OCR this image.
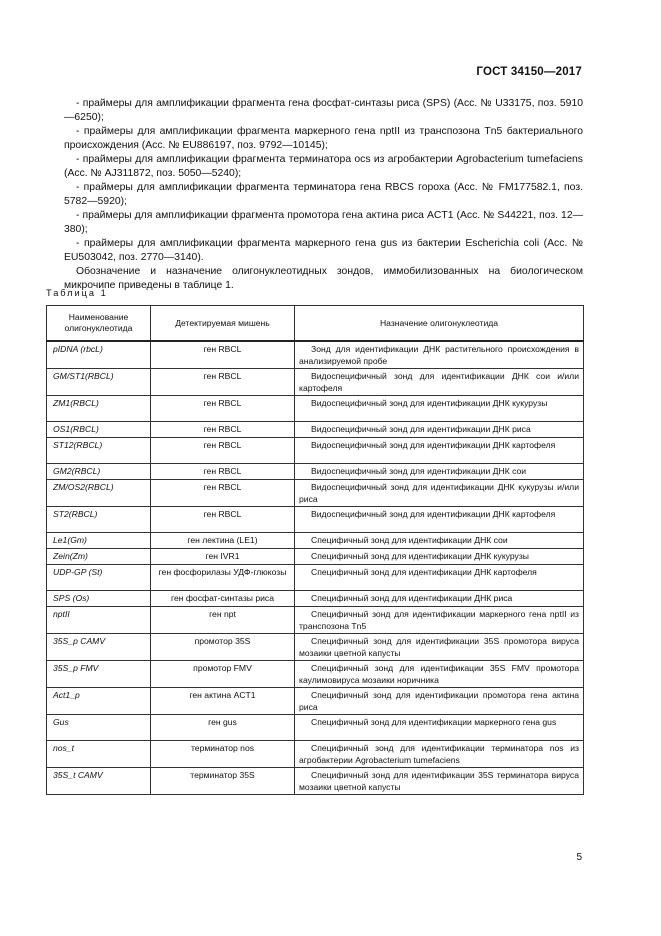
ГОСТ 34150—2017

- праймеры для амплификации фрагмента гена фосфат-синтазы риса (SPS) (Асс. № U33175, поз. 5910—6250);

- праймеры для амплификации фрагмента маркерного гена nptII из транспозона Tn5 бактериального происхождения (Асс. № EU886197, поз. 9792—10145);

- праймеры для амплификации фрагмента терминатора ocs из агробактерии Agrobacterium tumefaciens (Асс. № AJ311872, поз. 5050—5240);

- праймеры для амплификации фрагмента терминатора гена RBCS гороха (Асс. № FM177582.1, поз. 5782—5920);

- праймеры для амплификации фрагмента промотора гена актина риса ACT1 (Асс. № S44221, поз. 12—380);

- праймеры для амплификации фрагмента маркерного гена gus из бактерии Escherichia coli (Асс. № EU503042, поз. 2770—3140).

Обозначение и назначение олигонуклеотидных зондов, иммобилизованных на биологическом микрочипе приведены в таблице 1.

Таблица 1
Наименование олигонуклеотида	Детектируемая мишень	Назначение олигонуклеотида
pIDNA (rbcL)	ген RBCL	Зонд для идентификации ДНК растительного происхождения в анализируемой пробе
GM/ST1(RBCL)	ген RBCL	Видоспецифичный зонд для идентификации ДНК сои и/или картофеля
ZM1(RBCL)	ген RBCL	Видоспецифичный зонд для идентификации ДНК кукурузы
OS1(RBCL)	ген RBCL	Видоспецифичный зонд для идентификации ДНК риса
ST12(RBCL)	ген RBCL	Видоспецифичный зонд для идентификации ДНК картофеля
GM2(RBCL)	ген RBCL	Видоспецифичный зонд для идентификации ДНК сои
ZM/OS2(RBCL)	ген RBCL	Видоспецифичный зонд для идентификации ДНК кукурузы и/или риса
ST2(RBCL)	ген RBCL	Видоспецифичный зонд для идентификации ДНК картофеля
Le1(Gm)	ген лектина (LE1)	Специфичный зонд для идентификации ДНК сои
Zein(Zm)	ген IVR1	Специфичный зонд для идентификации ДНК кукурузы
UDP-GP (St)	ген фосфорилазы УДФ-глюкозы	Специфичный зонд для идентификации ДНК картофеля
SPS (Os)	ген фосфат-синтазы риса	Специфичный зонд для идентификации ДНК риса
nptII	ген npt	Специфичный зонд для идентификации маркерного гена nptII из транспозона Tn5
35S_p CAMV	промотор 35S	Специфичный зонд для идентификации 35S промотора вируса мозаики цветной капусты
35S_p FMV	промотор FMV	Специфичный зонд для идентификации 35S FMV промотора каулимовируса мозаики норичника
Act1_p	ген актина ACT1	Специфичный зонд для идентификации промотора гена актина риса
Gus	ген gus	Специфичный зонд для идентификации маркерного гена gus
nos_t	терминатор nos	Специфичный зонд для идентификации терминатора nos из агробактерии Agrobacterium tumefaciens
35S_t CAMV	терминатор 35S	Специфичный зонд для идентификации 35S терминатора вируса мозаики цветной капусты
5
